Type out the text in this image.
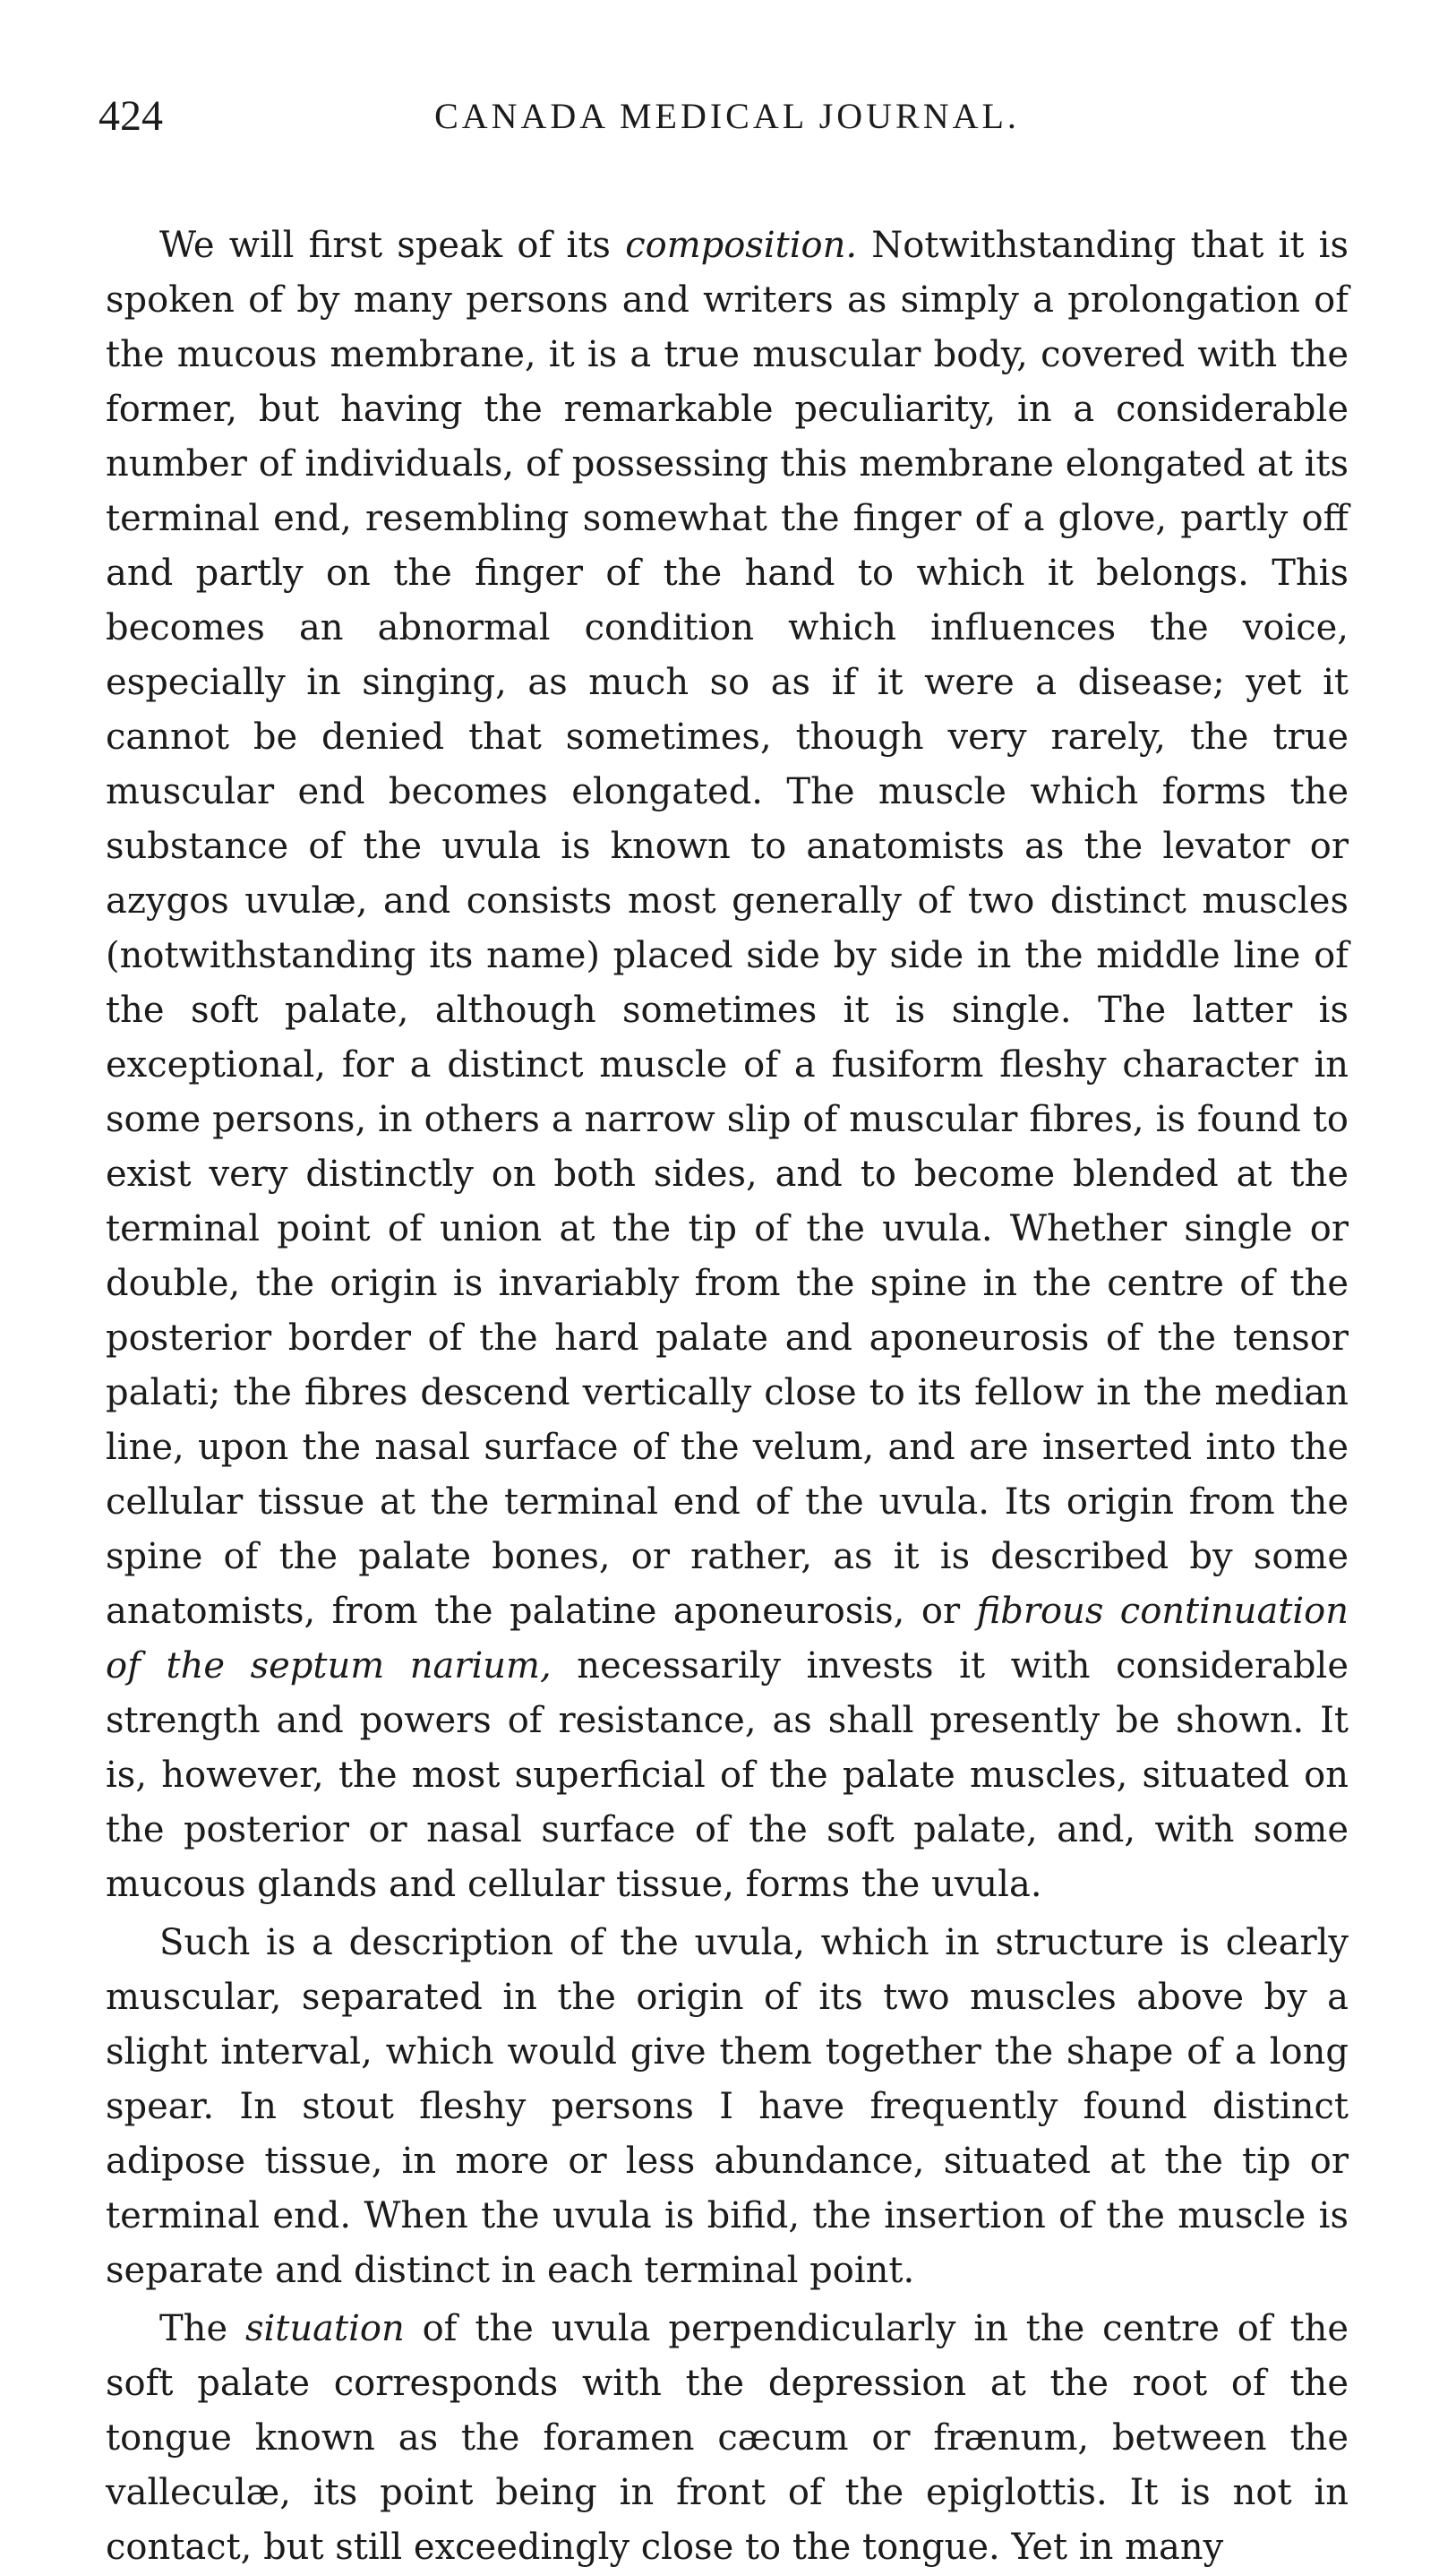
424	CANADA MEDICAL JOURNAL.

We will first speak of its composition. Notwithstanding that it is spoken of by many persons and writers as simply a prolongation of the mucous membrane, it is a true muscular body, covered with the former, but having the remarkable peculiarity, in a considerable number of individuals, of possessing this membrane elongated at its terminal end, resembling somewhat the finger of a glove, partly off and partly on the finger of the hand to which it belongs. This becomes an abnormal condition which influences the voice, especially in singing, as much so as if it were a disease; yet it cannot be denied that sometimes, though very rarely, the true muscular end becomes elongated. The muscle which forms the substance of the uvula is known to anatomists as the levator or azygos uvulæ, and consists most generally of two distinct muscles (notwithstanding its name) placed side by side in the middle line of the soft palate, although sometimes it is single. The latter is exceptional, for a distinct muscle of a fusiform fleshy character in some persons, in others a narrow slip of muscular fibres, is found to exist very distinctly on both sides, and to become blended at the terminal point of union at the tip of the uvula. Whether single or double, the origin is invariably from the spine in the centre of the posterior border of the hard palate and aponeurosis of the tensor palati; the fibres descend vertically close to its fellow in the median line, upon the nasal surface of the velum, and are inserted into the cellular tissue at the terminal end of the uvula. Its origin from the spine of the palate bones, or rather, as it is described by some anatomists, from the palatine aponeurosis, or fibrous continuation of the septum narium, necessarily invests it with considerable strength and powers of resistance, as shall presently be shown. It is, however, the most superficial of the palate muscles, situated on the posterior or nasal surface of the soft palate, and, with some mucous glands and cellular tissue, forms the uvula.

Such is a description of the uvula, which in structure is clearly muscular, separated in the origin of its two muscles above by a slight interval, which would give them together the shape of a long spear. In stout fleshy persons I have frequently found distinct adipose tissue, in more or less abundance, situated at the tip or terminal end. When the uvula is bifid, the insertion of the muscle is separate and distinct in each terminal point.

The situation of the uvula perpendicularly in the centre of the soft palate corresponds with the depression at the root of the tongue known as the foramen cæcum or frænum, between the valleculæ, its point being in front of the epiglottis. It is not in contact, but still exceedingly close to the tongue. Yet in many
